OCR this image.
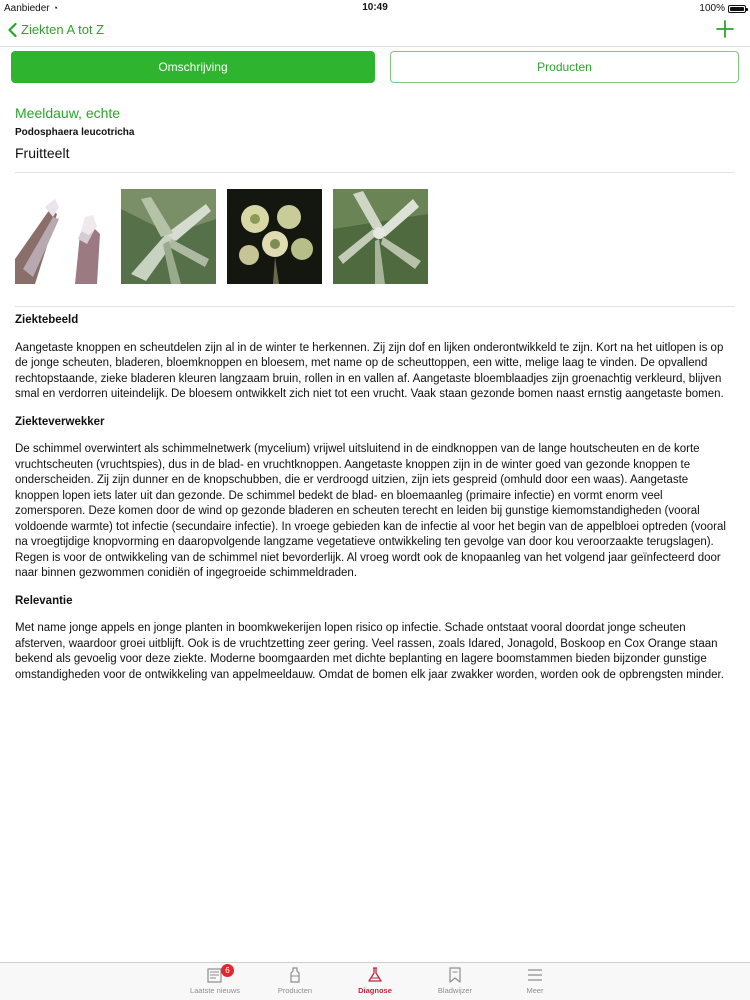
Aanbieder ◔	10:49	100%
Ziekten A tot Z
Omschrijving	Producten
Meeldauw, echte
Podosphaera leucotricha
Fruitteelt
Ziektebeeld
Aangetaste knoppen en scheutdelen zijn al in de winter te herkennen. Zij zijn dof en lijken onderontwikkeld te zijn. Kort na het uitlopen is op de jonge scheuten, bladeren, bloemknoppen en bloesem, met name op de scheuttoppen, een witte, melige laag te vinden. De opvallend rechtopstaande, zieke bladeren kleuren langzaam bruin, rollen in en vallen af. Aangetaste bloemblaadjes zijn groenachtig verkleurd, blijven smal en verdorren uiteindelijk. De bloesem ontwikkelt zich niet tot een vrucht. Vaak staan gezonde bomen naast ernstig aangetaste bomen.
Ziekteverwekker
De schimmel overwintert als schimmelnetwerk (mycelium) vrijwel uitsluitend in de eindknoppen van de lange houtscheuten en de korte vruchtscheuten (vruchtspies), dus in de blad- en vruchtknoppen. Aangetaste knoppen zijn in de winter goed van gezonde knoppen te onderscheiden. Zij zijn dunner en de knopschubben, die er verdroogd uitzien, zijn iets gespreid (omhuld door een waas). Aangetaste knoppen lopen iets later uit dan gezonde. De schimmel bedekt de blad- en bloemaanleg (primaire infectie) en vormt enorm veel zomersporen. Deze komen door de wind op gezonde bladeren en scheuten terecht en leiden bij gunstige kiemomstandigheden (vooral voldoende warmte) tot infectie (secundaire infectie). In vroege gebieden kan de infectie al voor het begin van de appelbloei optreden (vooral na vroegtijdige knopvorming en daaropvolgende langzame vegetatieve ontwikkeling ten gevolge van door kou veroorzaakte terugslagen). Regen is voor de ontwikkeling van de schimmel niet bevorderlijk. Al vroeg wordt ook de knopaanleg van het volgend jaar geïnfecteerd door naar binnen gezwommen conidiën of ingegroeide schimmeldraden.
Relevantie
Met name jonge appels en jonge planten in boomkwekerijen lopen risico op infectie. Schade ontstaat vooral doordat jonge scheuten afsterven, waardoor groei uitblijft. Ook is de vruchtzetting zeer gering. Veel rassen, zoals Idared, Jonagold, Boskoop en Cox Orange staan bekend als gevoelig voor deze ziekte. Moderne boomgaarden met dichte beplanting en lagere boomstammen bieden bijzonder gunstige omstandigheden voor de ontwikkeling van appelmeeldauw. Omdat de bomen elk jaar zwakker worden, worden ook de opbrengsten minder.
6
Laatste nieuws	Producten	Diagnose	Bladwijzer	Meer
